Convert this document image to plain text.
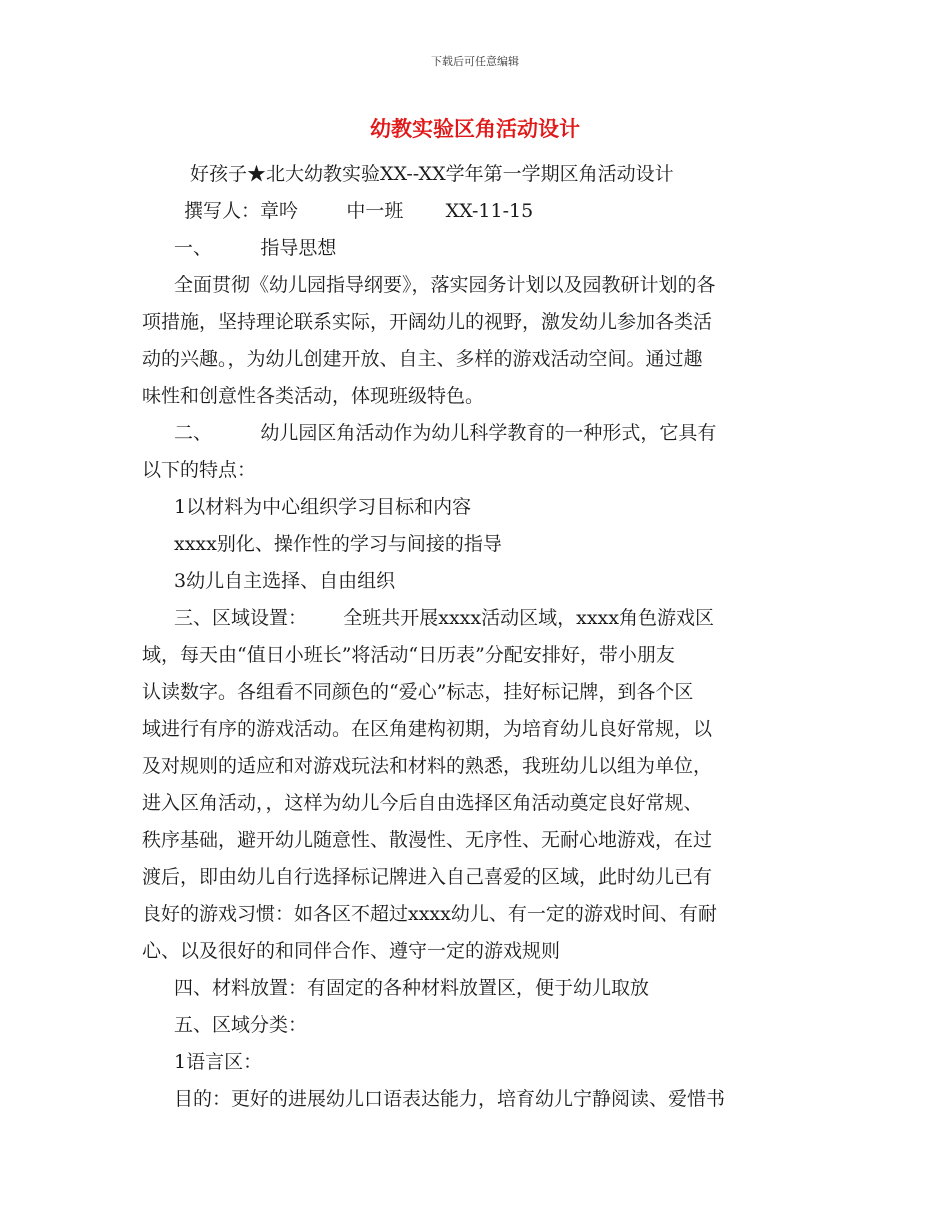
下载后可任意编辑
幼教实验区角活动设计
好孩子★北大幼教实验XX--XX学年第一学期区角活动设计
撰写人：章吟        中一班       XX-11-15
一、        指导思想
全面贯彻《幼儿园指导纲要》，落实园务计划以及园教研计划的各
项措施，坚持理论联系实际，开阔幼儿的视野，激发幼儿参加各类活
动的兴趣。，为幼儿创建开放、自主、多样的游戏活动空间。通过趣
味性和创意性各类活动，体现班级特色。
二、        幼儿园区角活动作为幼儿科学教育的一种形式，它具有
以下的特点：
1以材料为中心组织学习目标和内容
xxxx别化、操作性的学习与间接的指导
3幼儿自主选择、自由组织
三、区域设置：      全班共开展xxxx活动区域，xxxx角色游戏区
域，每天由“值日小班长”将活动“日历表”分配安排好，带小朋友
认读数字。各组看不同颜色的“爱心”标志，挂好标记牌，到各个区
域进行有序的游戏活动。在区角建构初期，为培育幼儿良好常规，以
及对规则的适应和对游戏玩法和材料的熟悉，我班幼儿以组为单位，
进入区角活动，，这样为幼儿今后自由选择区角活动奠定良好常规、
秩序基础，避开幼儿随意性、散漫性、无序性、无耐心地游戏，在过
渡后，即由幼儿自行选择标记牌进入自己喜爱的区域，此时幼儿已有
良好的游戏习惯：如各区不超过xxxx幼儿、有一定的游戏时间、有耐
心、以及很好的和同伴合作、遵守一定的游戏规则
四、材料放置：有固定的各种材料放置区，便于幼儿取放
五、区域分类：
1语言区：
目的：更好的进展幼儿口语表达能力，培育幼儿宁静阅读、爱惜书
